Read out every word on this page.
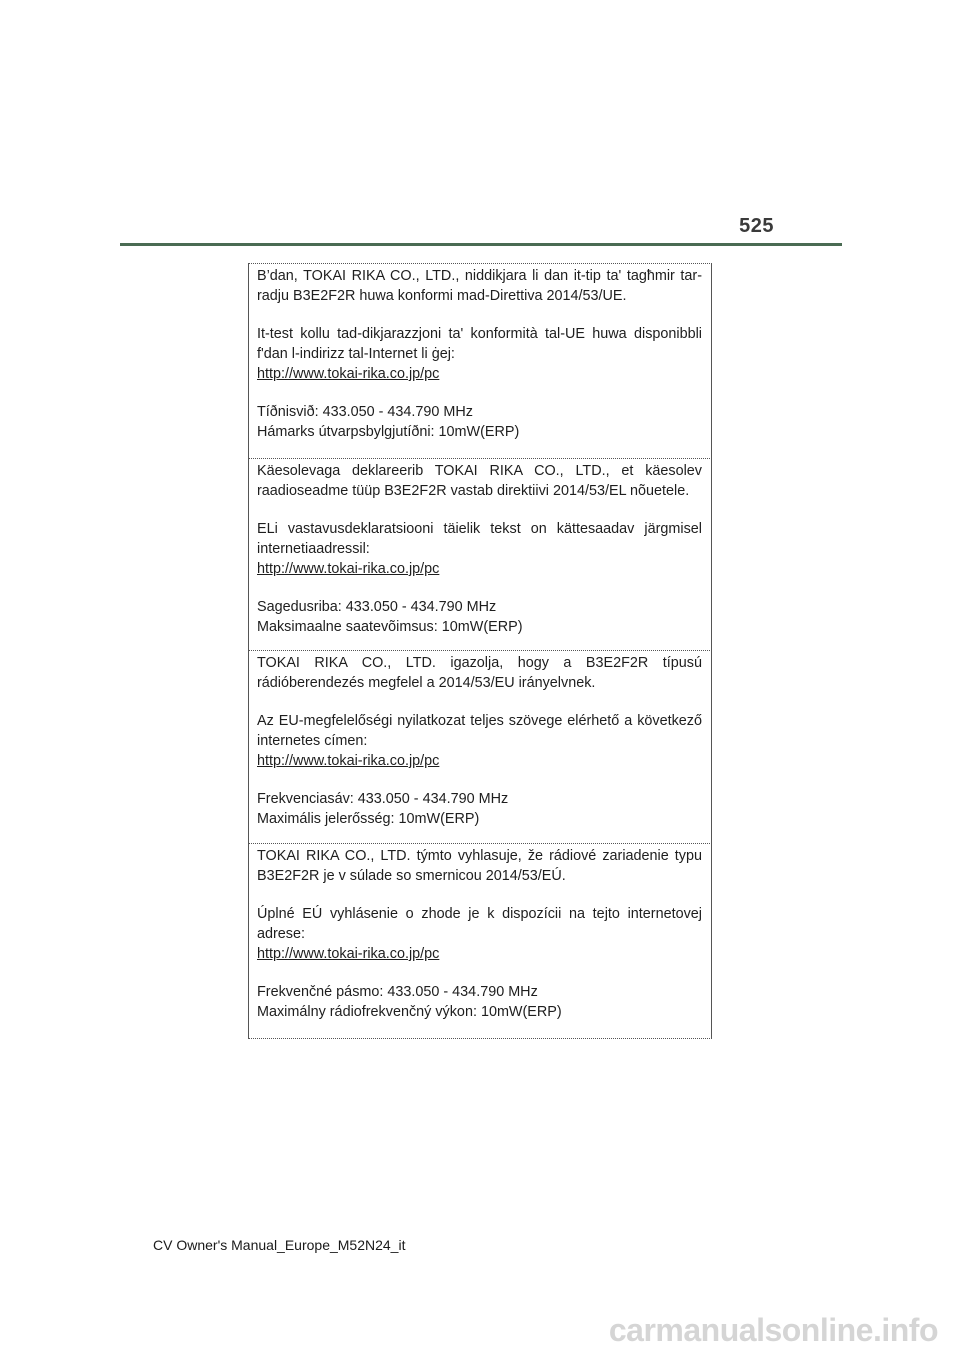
525

B’dan, TOKAI RIKA CO., LTD., niddikjara li dan it-tip ta' tagħmir tar-radju B3E2F2R huwa konformi mad-Direttiva 2014/53/UE.

It-test kollu tad-dikjarazzjoni ta' konformità tal-UE huwa disponibbli f'dan l-indirizz tal-Internet li ġej:

http://www.tokai-rika.co.jp/pc

Tíðnisvið: 433.050 - 434.790 MHz

Hámarks útvarpsbylgjutíðni: 10mW(ERP)

Käesolevaga deklareerib TOKAI RIKA CO., LTD., et käesolev raadioseadme tüüp B3E2F2R vastab direktiivi 2014/53/EL nõuetele.

ELi vastavusdeklaratsiooni täielik tekst on kättesaadav järgmisel internetiaadressil:

http://www.tokai-rika.co.jp/pc

Sagedusriba: 433.050 - 434.790 MHz

Maksimaalne saatevõimsus: 10mW(ERP)

TOKAI RIKA CO., LTD. igazolja, hogy a B3E2F2R típusú rádióberendezés megfelel a 2014/53/EU irányelvnek.

Az EU-megfelelőségi nyilatkozat teljes szövege elérhető a következő internetes címen:

http://www.tokai-rika.co.jp/pc

Frekvenciasáv: 433.050 - 434.790 MHz

Maximális jelerősség: 10mW(ERP)

TOKAI RIKA CO., LTD. týmto vyhlasuje, že rádiové zariadenie typu B3E2F2R je v súlade so smernicou 2014/53/EÚ.

Úplné EÚ vyhlásenie o zhode je k dispozícii na tejto internetovej adrese:

http://www.tokai-rika.co.jp/pc

Frekvenčné pásmo: 433.050 - 434.790 MHz

Maximálny rádiofrekvenčný výkon: 10mW(ERP)

CV Owner's Manual_Europe_M52N24_it
carmanualsonline.info
